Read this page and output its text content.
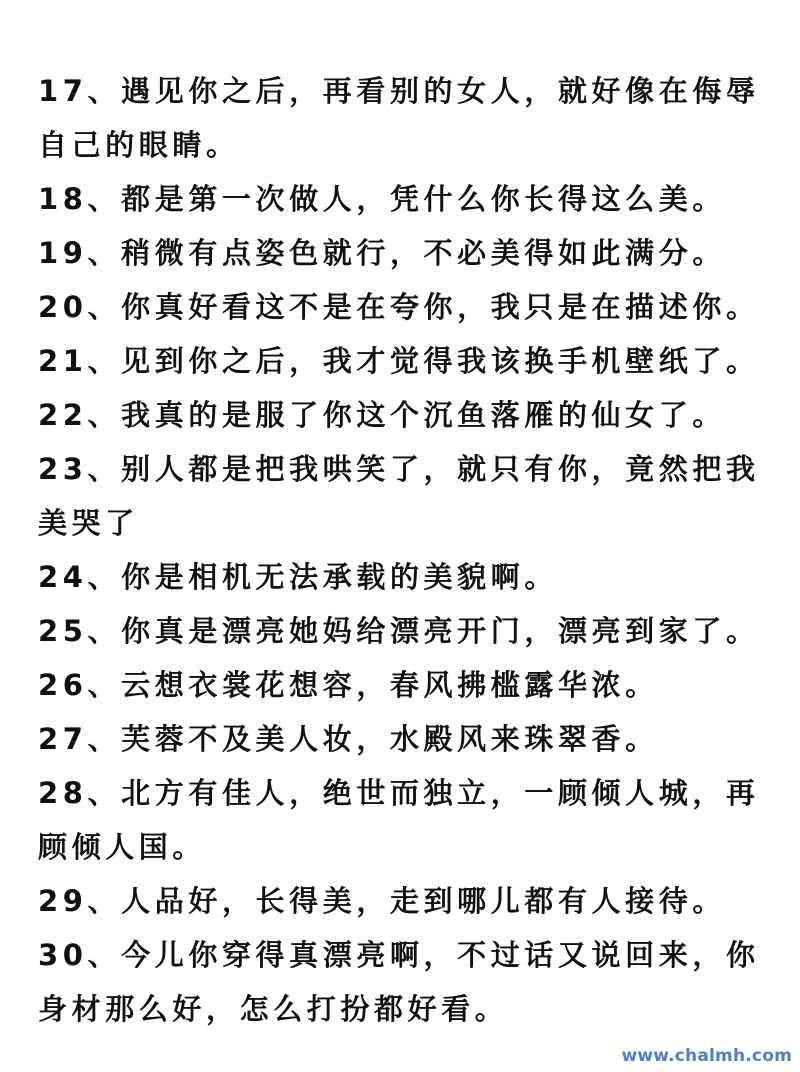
17、遇见你之后，再看别的女人，就好像在侮辱
自己的眼睛。
18、都是第一次做人，凭什么你长得这么美。
19、稍微有点姿色就行，不必美得如此满分。
20、你真好看这不是在夸你，我只是在描述你。
21、见到你之后，我才觉得我该换手机壁纸了。
22、我真的是服了你这个沉鱼落雁的仙女了。
23、别人都是把我哄笑了，就只有你，竟然把我
美哭了
24、你是相机无法承载的美貌啊。
25、你真是漂亮她妈给漂亮开门，漂亮到家了。
26、云想衣裳花想容，春风拂槛露华浓。
27、芙蓉不及美人妆，水殿风来珠翠香。
28、北方有佳人，绝世而独立，一顾倾人城，再
顾倾人国。
29、人品好，长得美，走到哪儿都有人接待。
30、今儿你穿得真漂亮啊，不过话又说回来，你
身材那么好，怎么打扮都好看。
www.chalmh.com
